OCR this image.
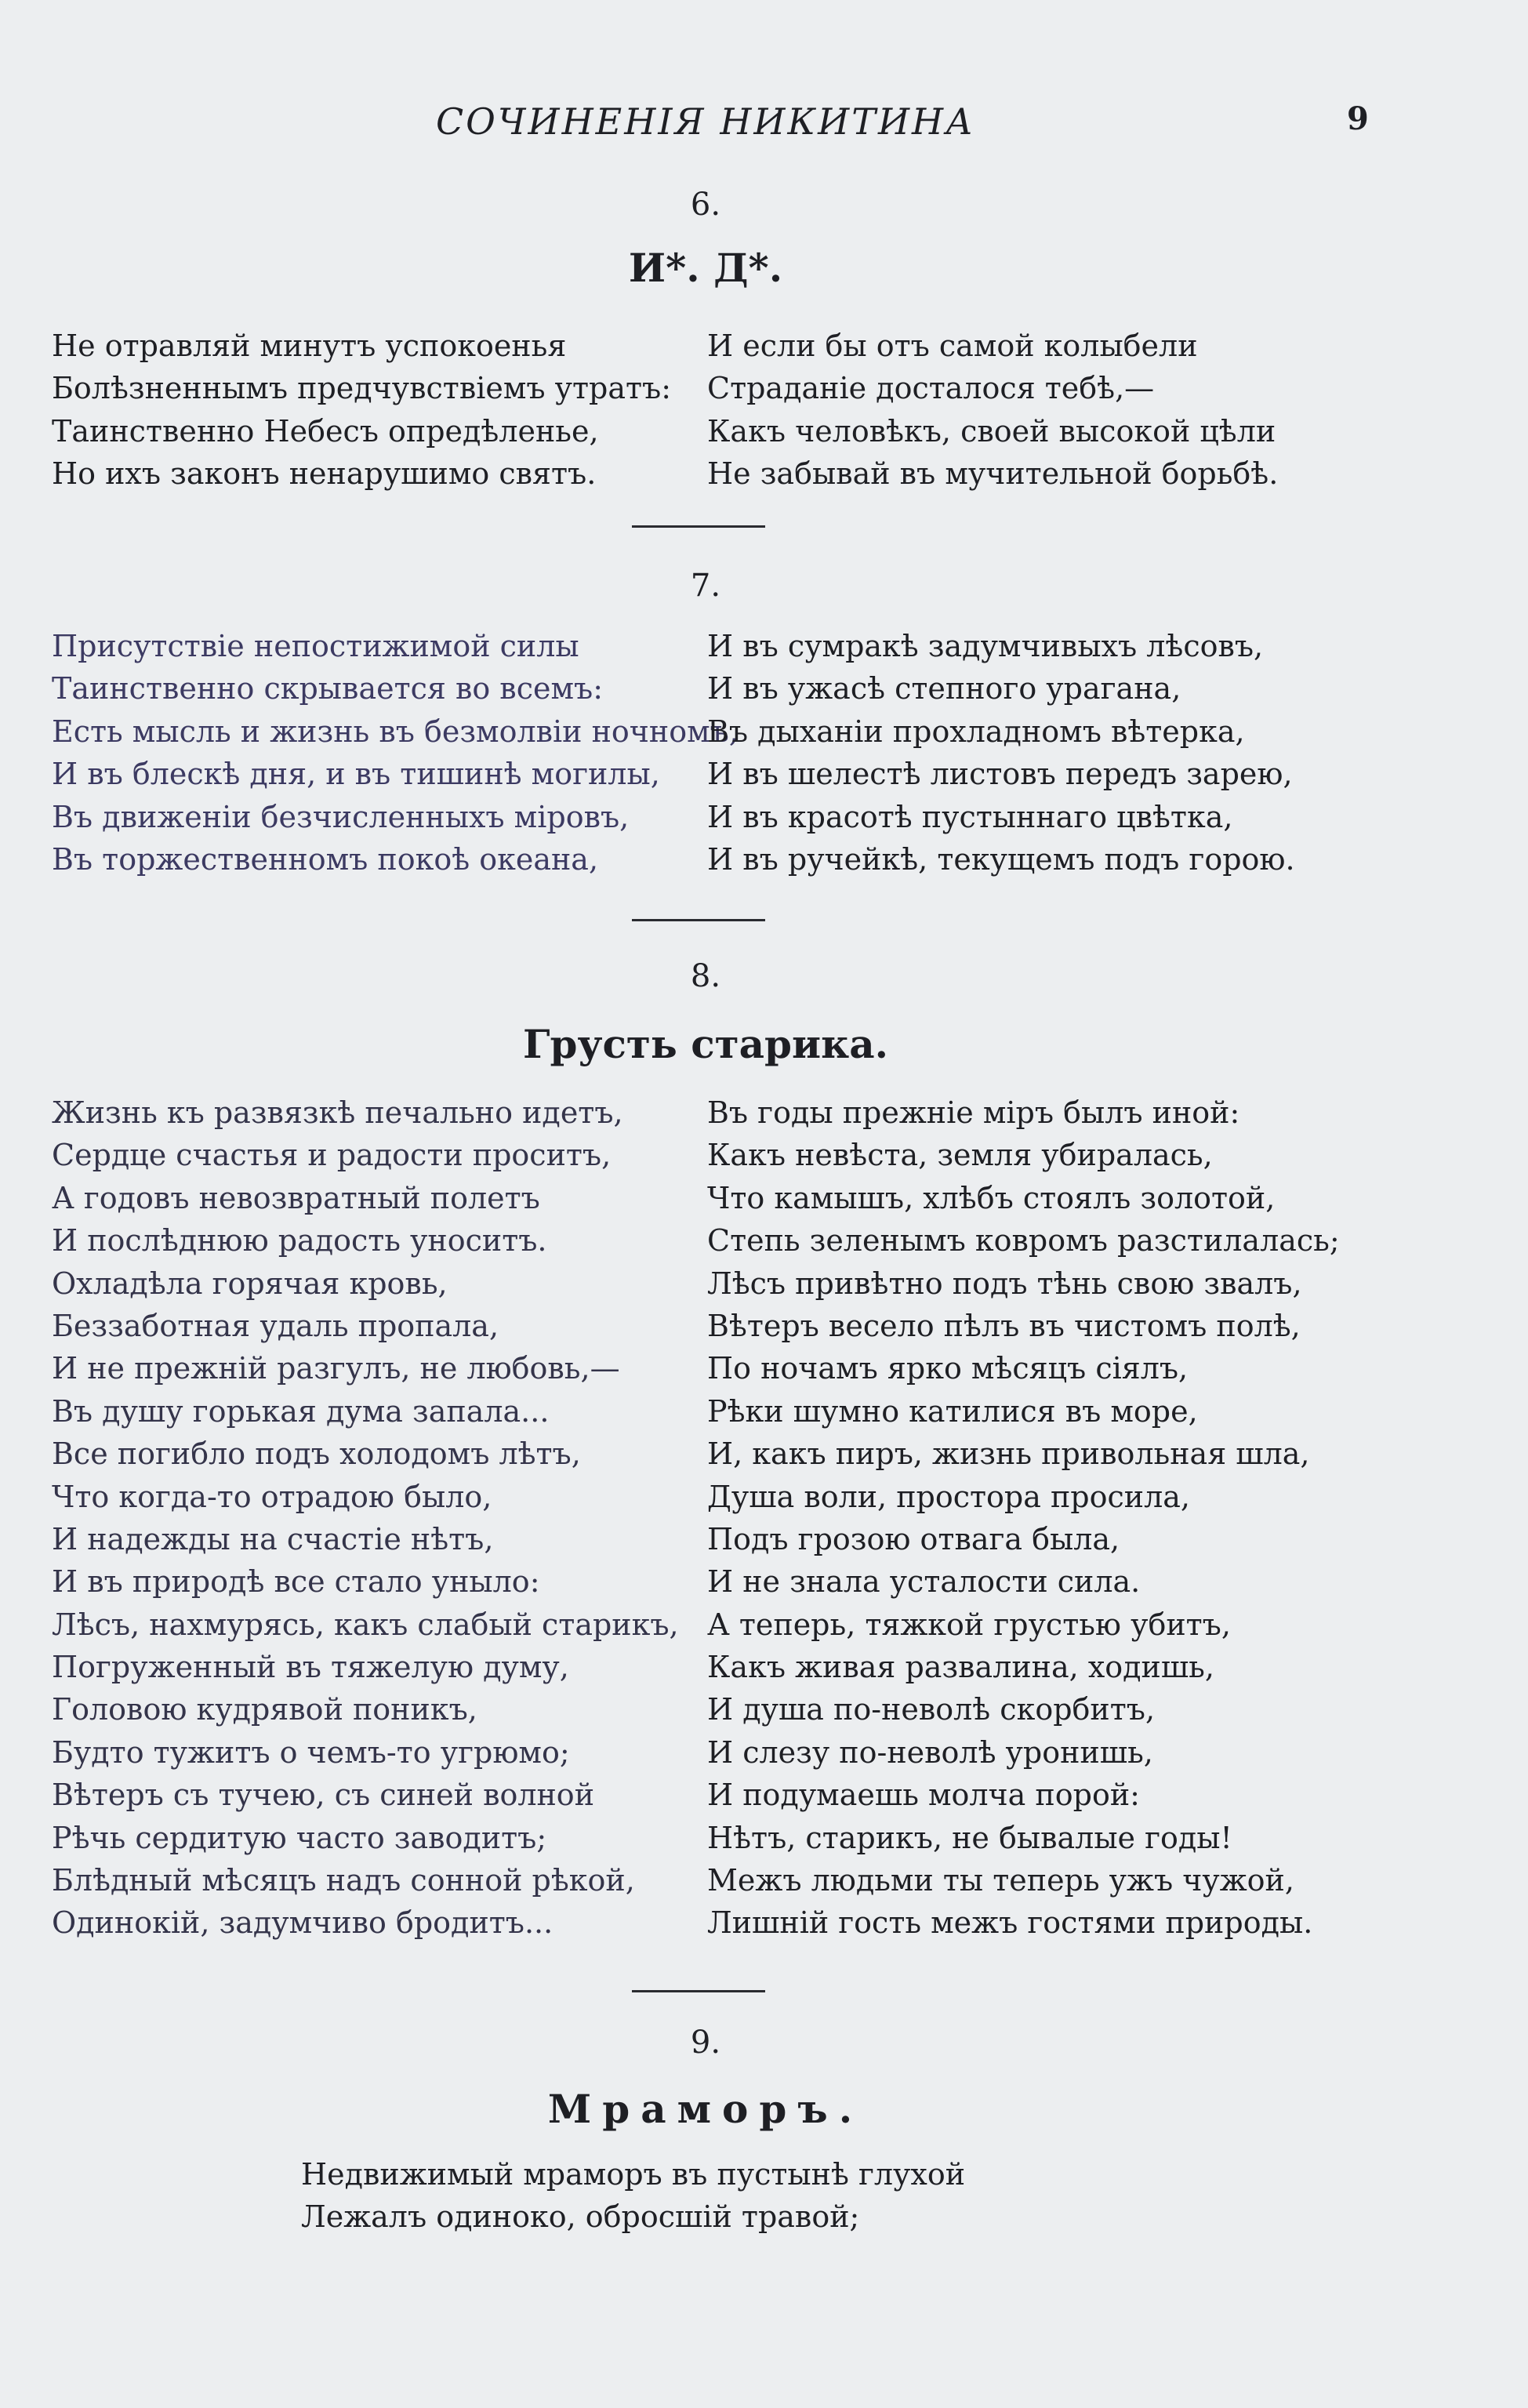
СОЧИНЕНІЯ НИКИТИНА	9
6.
И*. Д*.
Не отравляй минутъ успокоенья
Болѣзненнымъ предчувствіемъ утратъ:
Таинственно Небесъ опредѣленье,
Но ихъ законъ ненарушимо святъ.
И если бы отъ самой колыбели
Страданіе досталося тебѣ,—
Какъ человѣкъ, своей высокой цѣли
Не забывай въ мучительной борьбѣ.
7.
Присутствіе непостижимой силы
Таинственно скрывается во всемъ:
Есть мысль и жизнь въ безмолвіи ночномъ,
И въ блескѣ дня, и въ тишинѣ могилы,
Въ движеніи безчисленныхъ міровъ,
Въ торжественномъ покоѣ океана,
И въ сумракѣ задумчивыхъ лѣсовъ,
И въ ужасѣ степного урагана,
Въ дыханіи прохладномъ вѣтерка,
И въ шелестѣ листовъ передъ зарею,
И въ красотѣ пустыннаго цвѣтка,
И въ ручейкѣ, текущемъ подъ горою.
8.
Грусть старика.
Жизнь къ развязкѣ печально идетъ,
Сердце счастья и радости проситъ,
А годовъ невозвратный полетъ
И послѣднюю радость уноситъ.
Охладѣла горячая кровь,
Беззаботная удаль пропала,
И не прежній разгулъ, не любовь,—
Въ душу горькая дума запала...
Все погибло подъ холодомъ лѣтъ,
Что когда-то отрадою было,
И надежды на счастіе нѣтъ,
И въ природѣ все стало уныло:
Лѣсъ, нахмурясь, какъ слабый старикъ,
Погруженный въ тяжелую думу,
Головою кудрявой поникъ,
Будто тужитъ о чемъ-то угрюмо;
Вѣтеръ съ тучею, съ синей волной
Рѣчь сердитую часто заводитъ;
Блѣдный мѣсяцъ надъ сонной рѣкой,
Одинокій, задумчиво бродитъ...
Въ годы прежніе міръ былъ иной:
Какъ невѣста, земля убиралась,
Что камышъ, хлѣбъ стоялъ золотой,
Степь зеленымъ ковромъ разстилалась;
Лѣсъ привѣтно подъ тѣнь свою звалъ,
Вѣтеръ весело пѣлъ въ чистомъ полѣ,
По ночамъ ярко мѣсяцъ сіялъ,
Рѣки шумно катилися въ море,
И, какъ пиръ, жизнь привольная шла,
Душа воли, простора просила,
Подъ грозою отвага была,
И не знала усталости сила.
А теперь, тяжкой грустью убитъ,
Какъ живая развалина, ходишь,
И душа по-неволѣ скорбитъ,
И слезу по-неволѣ уронишь,
И подумаешь молча порой:
Нѣтъ, старикъ, не бывалые годы!
Межъ людьми ты теперь ужъ чужой,
Лишній гость межъ гостями природы.
9.
Мраморъ.
Недвижимый мраморъ въ пустынѣ глухой
Лежалъ одиноко, обросшій травой;
